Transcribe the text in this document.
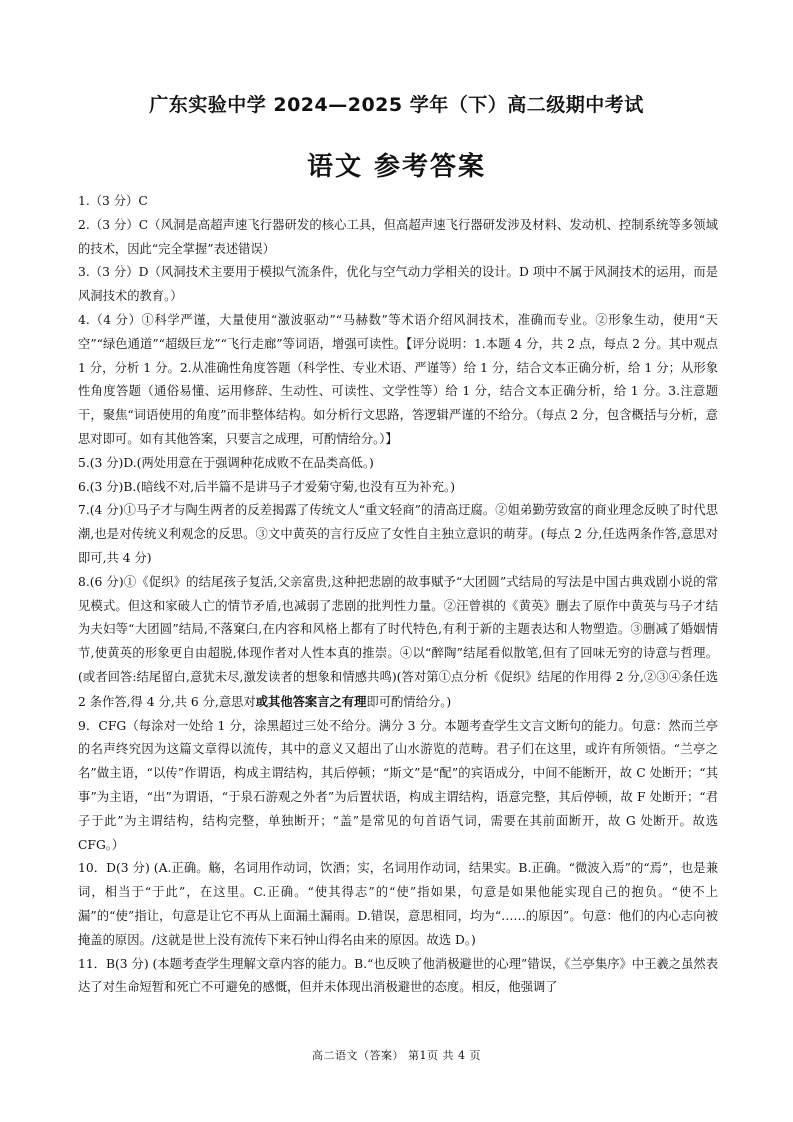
广东实验中学 2024—2025 学年（下）高二级期中考试
语文 参考答案

1.（3 分）C

2.（3 分）C（风洞是高超声速飞行器研发的核心工具，但高超声速飞行器研发涉及材料、发动机、控制系统等多领域的技术，因此“完全掌握”表述错误）

3.（3 分）D（风洞技术主要用于模拟气流条件，优化与空气动力学相关的设计。D 项中不属于风洞技术的运用，而是风洞技术的教育。）

4.（4 分）①科学严谨，大量使用“激波驱动”“马赫数”等术语介绍风洞技术，准确而专业。②形象生动，使用“天空”“绿色通道”“超级巨龙”“飞行走廊”等词语，增强可读性。【评分说明：1.本题 4 分，共 2 点，每点 2 分。其中观点 1 分，分析 1 分。2.从准确性角度答题（科学性、专业术语、严谨等）给 1 分，结合文本正确分析，给 1 分；从形象性角度答题（通俗易懂、运用修辞、生动性、可读性、文学性等）给 1 分，结合文本正确分析，给 1 分。3.注意题干，聚焦“词语使用的角度”而非整体结构。如分析行文思路，答逻辑严谨的不给分。（每点 2 分，包含概括与分析，意思对即可。如有其他答案，只要言之成理，可酌情给分。）】

5.(3 分)D.(两处用意在于强调种花成败不在品类高低。)

6.(3 分)B.(暗线不对,后半篇不是讲马子才爱菊守菊,也没有互为补充。)

7.(4 分)①马子才与陶生两者的反差揭露了传统文人“重文轻商”的清高迂腐。②姐弟勤劳致富的商业理念反映了时代思潮,也是对传统义利观念的反思。③文中黄英的言行反应了女性自主独立意识的萌芽。(每点 2 分,任选两条作答,意思对即可,共 4 分)

8.(6 分)①《促织》的结尾孩子复活,父亲富贵,这种把悲剧的故事赋予“大团圆”式结局的写法是中国古典戏剧小说的常见模式。但这和家破人亡的情节矛盾,也减弱了悲剧的批判性力量。②汪曾祺的《黄英》删去了原作中黄英与马子才结为夫妇等“大团圆”结局,不落窠臼,在内容和风格上都有了时代特色,有利于新的主题表达和人物塑造。③删减了婚姻情节,使黄英的形象更自由超脱,体现作者对人性本真的推崇。④以“醉陶”结尾看似散笔,但有了回味无穷的诗意与哲理。(或者回答:结尾留白,意犹未尽,激发读者的想象和情感共鸣)(答对第①点分析《促织》结尾的作用得 2 分,②③④条任选 2 条作答,得 4 分,共 6 分,意思对或其他答案言之有理即可酌情给分。)

9．CFG（每涂对一处给 1 分，涂黑超过三处不给分。满分 3 分。本题考查学生文言文断句的能力。句意：然而兰亭的名声终究因为这篇文章得以流传，其中的意义又超出了山水游览的范畴。君子们在这里，或许有所领悟。“兰亭之名”做主语，“以传”作谓语，构成主谓结构，其后停顿；“斯文”是“配”的宾语成分，中间不能断开，故 C 处断开；“其事”为主语，“出”为谓语，“于泉石游观之外者”为后置状语，构成主谓结构，语意完整，其后停顿，故 F 处断开；“君子于此”为主谓结构，结构完整，单独断开；“盖”是常见的句首语气词，需要在其前面断开，故 G 处断开。故选 CFG。）

10．D(3 分) (A.正确。觞，名词用作动词，饮酒；实，名词用作动词，结果实。B.正确。“微波入焉”的“焉”，也是兼词，相当于“于此”，在这里。C.正确。“使其得志”的“使”指如果，句意是如果他能实现自己的抱负。“使不上漏”的“使”指让，句意是让它不再从上面漏土漏雨。D.错误，意思相同，均为“……的原因”。句意：他们的内心志向被掩盖的原因。/这就是世上没有流传下来石钟山得名由来的原因。故选 D。)

11．B(3 分) (本题考查学生理解文章内容的能力。B.“也反映了他消极避世的心理”错误，《兰亭集序》中王羲之虽然表达了对生命短暂和死亡不可避免的感慨，但并未体现出消极避世的态度。相反，他强调了

高二语文（答案） 第1页 共 4 页
